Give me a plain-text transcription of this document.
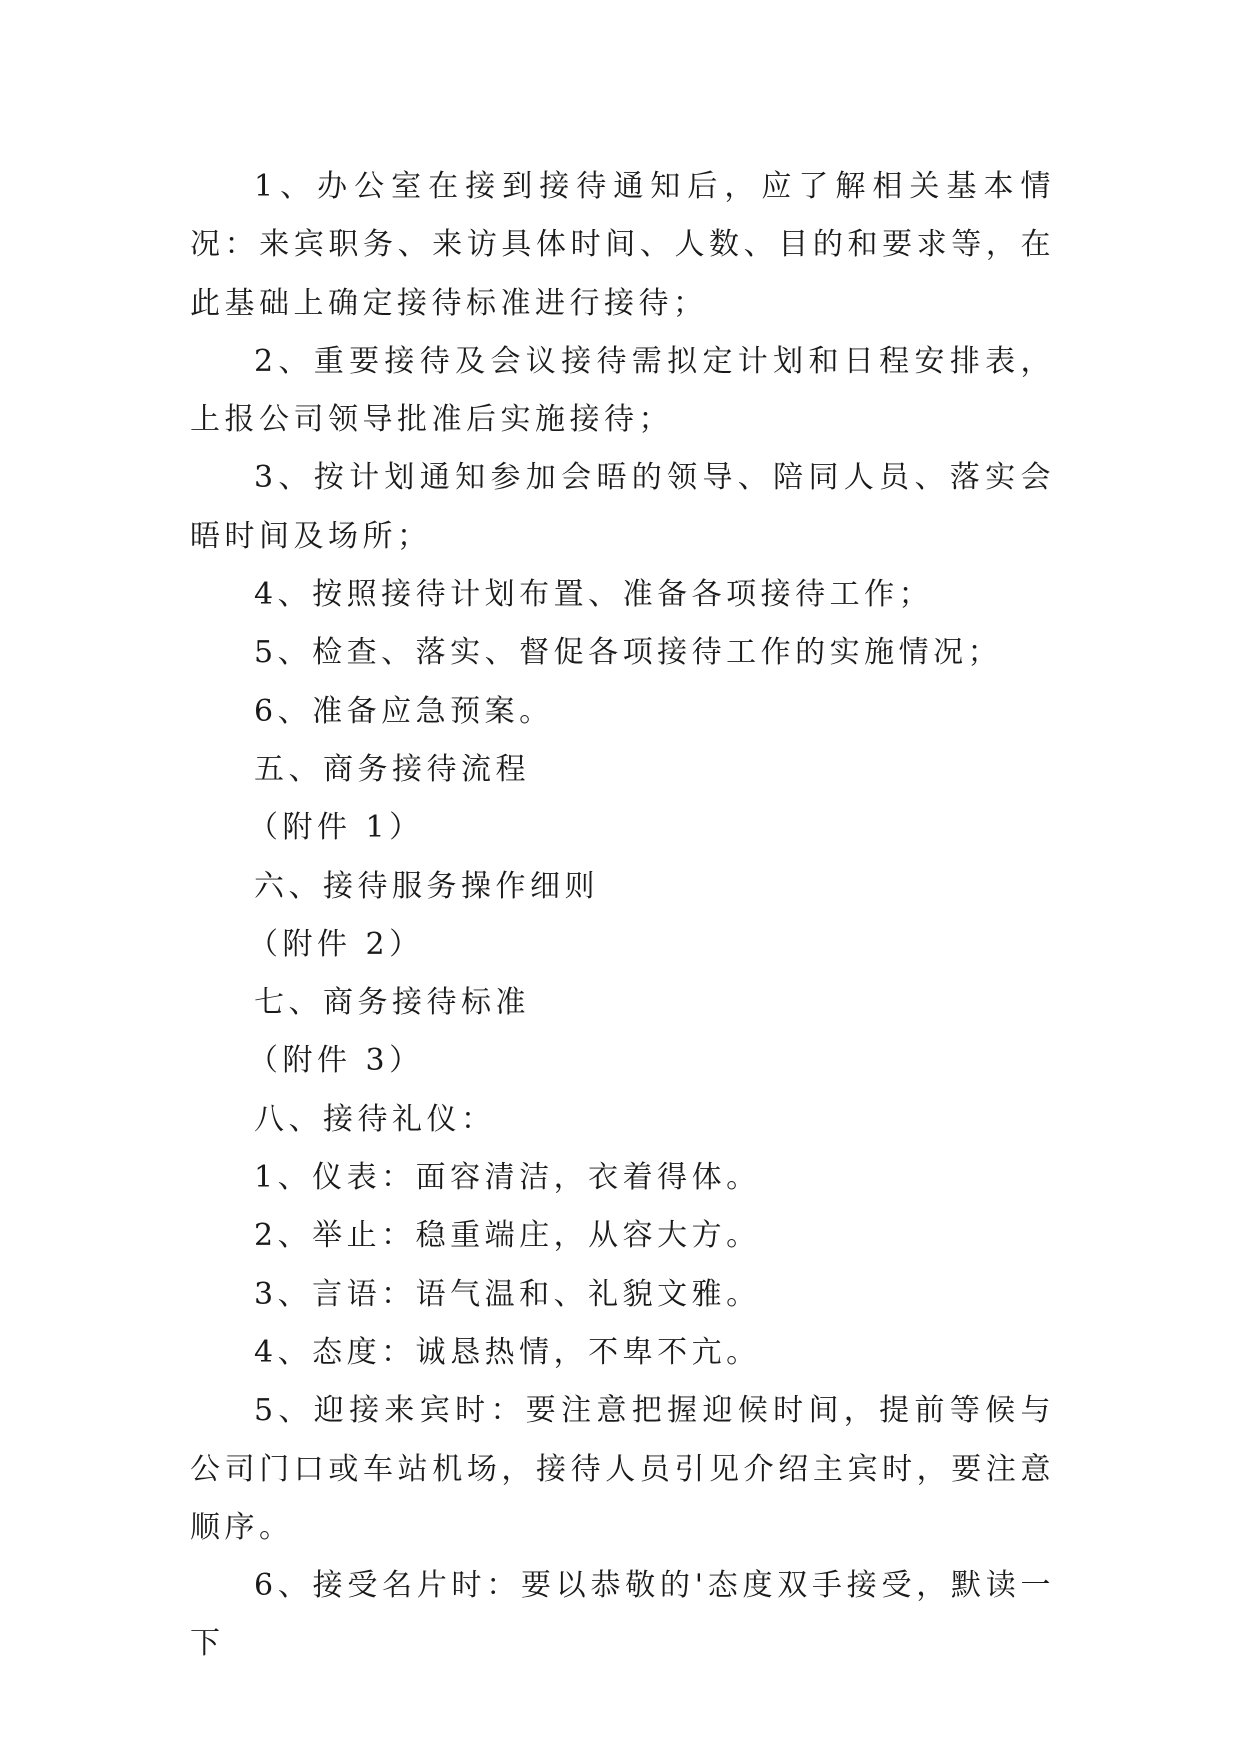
1、办公室在接到接待通知后，应了解相关基本情况：来宾职务、来访具体时间、人数、目的和要求等，在此基础上确定接待标准进行接待；

2、重要接待及会议接待需拟定计划和日程安排表，上报公司领导批准后实施接待；

3、按计划通知参加会晤的领导、陪同人员、落实会晤时间及场所；

4、按照接待计划布置、准备各项接待工作；

5、检查、落实、督促各项接待工作的实施情况；

6、准备应急预案。

五、商务接待流程

（附件 1）

六、接待服务操作细则

（附件 2）

七、商务接待标准

（附件 3）

八、接待礼仪：

1、仪表：面容清洁，衣着得体。

2、举止：稳重端庄，从容大方。

3、言语：语气温和、礼貌文雅。

4、态度：诚恳热情，不卑不亢。

5、迎接来宾时：要注意把握迎候时间，提前等候与公司门口或车站机场，接待人员引见介绍主宾时，要注意顺序。

6、接受名片时：要以恭敬的'态度双手接受，默读一下
